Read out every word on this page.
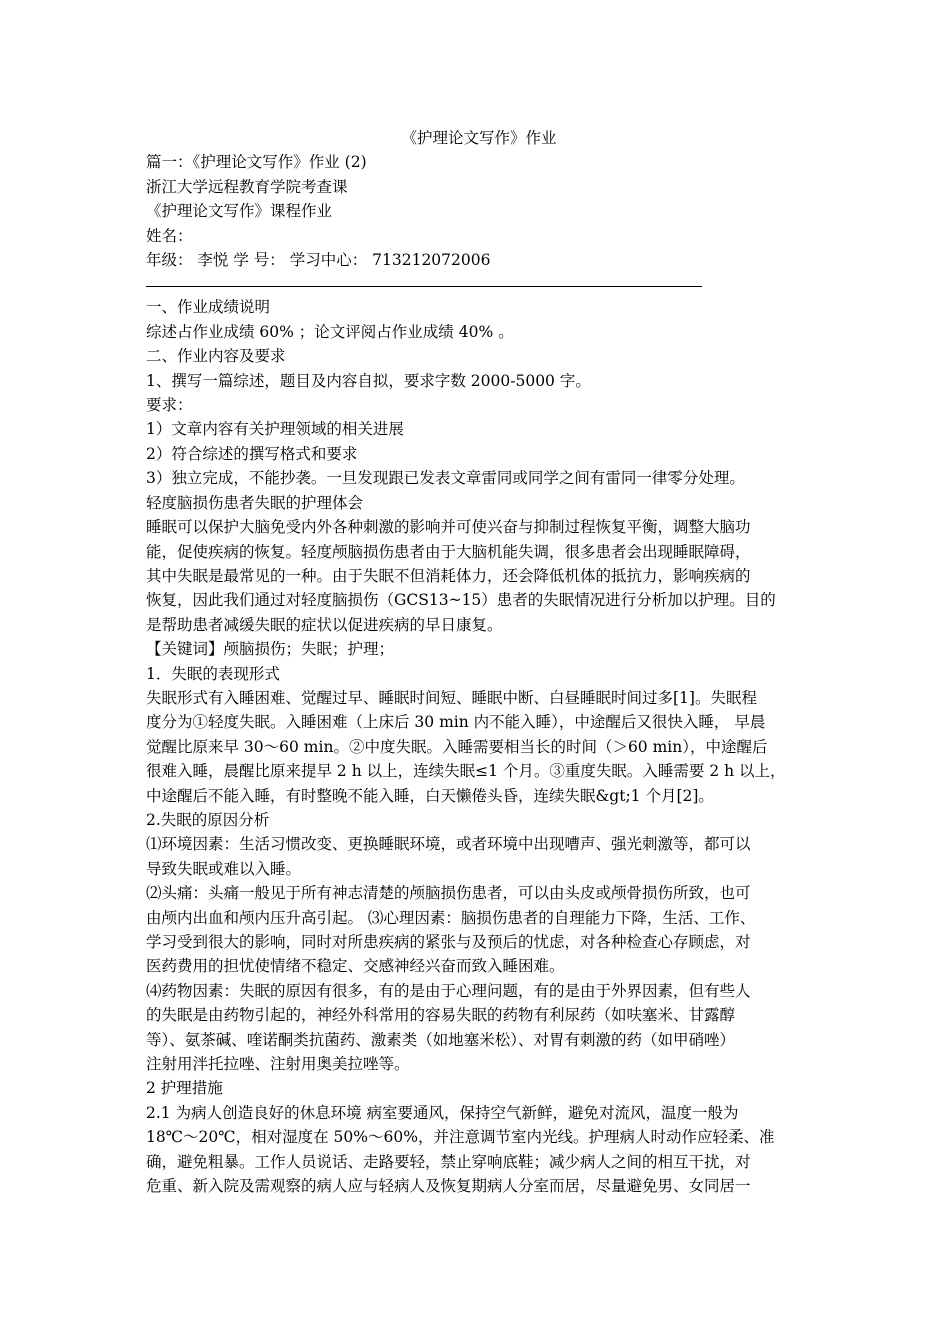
《护理论文写作》作业
篇一：《护理论文写作》作业 (2)
浙江大学远程教育学院考查课
《护理论文写作》课程作业
姓名：
年级： 李悦 学 号： 学习中心： 713212072006
一、作业成绩说明
综述占作业成绩 60% ；论文评阅占作业成绩 40% 。
二、作业内容及要求
1、撰写一篇综述，题目及内容自拟，要求字数 2000-5000 字。
要求：
1）文章内容有关护理领域的相关进展
2）符合综述的撰写格式和要求
3）独立完成，不能抄袭。一旦发现跟已发表文章雷同或同学之间有雷同一律零分处理。
轻度脑损伤患者失眠的护理体会
睡眠可以保护大脑免受内外各种刺激的影响并可使兴奋与抑制过程恢复平衡，调整大脑功
能，促使疾病的恢复。轻度颅脑损伤患者由于大脑机能失调，很多患者会出现睡眠障碍，
其中失眠是最常见的一种。由于失眠不但消耗体力，还会降低机体的抵抗力，影响疾病的
恢复，因此我们通过对轻度脑损伤（GCS13~15）患者的失眠情况进行分析加以护理。目的
是帮助患者减缓失眠的症状以促进疾病的早日康复。
【关键词】颅脑损伤；失眠；护理；
1．失眠的表现形式
失眠形式有入睡困难、觉醒过早、睡眠时间短、睡眠中断、白昼睡眠时间过多[1]。失眠程
度分为①轻度失眠。入睡困难（上床后 30 min 内不能入睡），中途醒后又很快入睡， 早晨
觉醒比原来早 30～60 min。②中度失眠。入睡需要相当长的时间（＞60 min），中途醒后
很难入睡，晨醒比原来提早 2 h 以上，连续失眠≤1 个月。③重度失眠。入睡需要 2 h 以上，
中途醒后不能入睡，有时整晚不能入睡，白天懒倦头昏，连续失眠&gt;1 个月[2]。
2.失眠的原因分析
⑴环境因素：生活习惯改变、更换睡眠环境，或者环境中出现嘈声、强光刺激等，都可以
导致失眠或难以入睡。
⑵头痛：头痛一般见于所有神志清楚的颅脑损伤患者，可以由头皮或颅骨损伤所致，也可
由颅内出血和颅内压升高引起。 ⑶心理因素：脑损伤患者的自理能力下降，生活、工作、
学习受到很大的影响，同时对所患疾病的紧张与及预后的忧虑，对各种检查心存顾虑，对
医药费用的担忧使情绪不稳定、交感神经兴奋而致入睡困难。
⑷药物因素：失眠的原因有很多，有的是由于心理问题，有的是由于外界因素，但有些人
的失眠是由药物引起的，神经外科常用的容易失眠的药物有利尿药（如呋塞米、甘露醇
等）、氨茶碱、喹诺酮类抗菌药、激素类（如地塞米松）、对胃有刺激的药（如甲硝唑）
注射用泮托拉唑、注射用奥美拉唑等。
2 护理措施
2.1 为病人创造良好的休息环境 病室要通风，保持空气新鲜，避免对流风，温度一般为
18℃～20℃，相对湿度在 50%～60%，并注意调节室内光线。护理病人时动作应轻柔、准
确，避免粗暴。工作人员说话、走路要轻，禁止穿响底鞋；减少病人之间的相互干扰，对
危重、新入院及需观察的病人应与轻病人及恢复期病人分室而居，尽量避免男、女同居一
